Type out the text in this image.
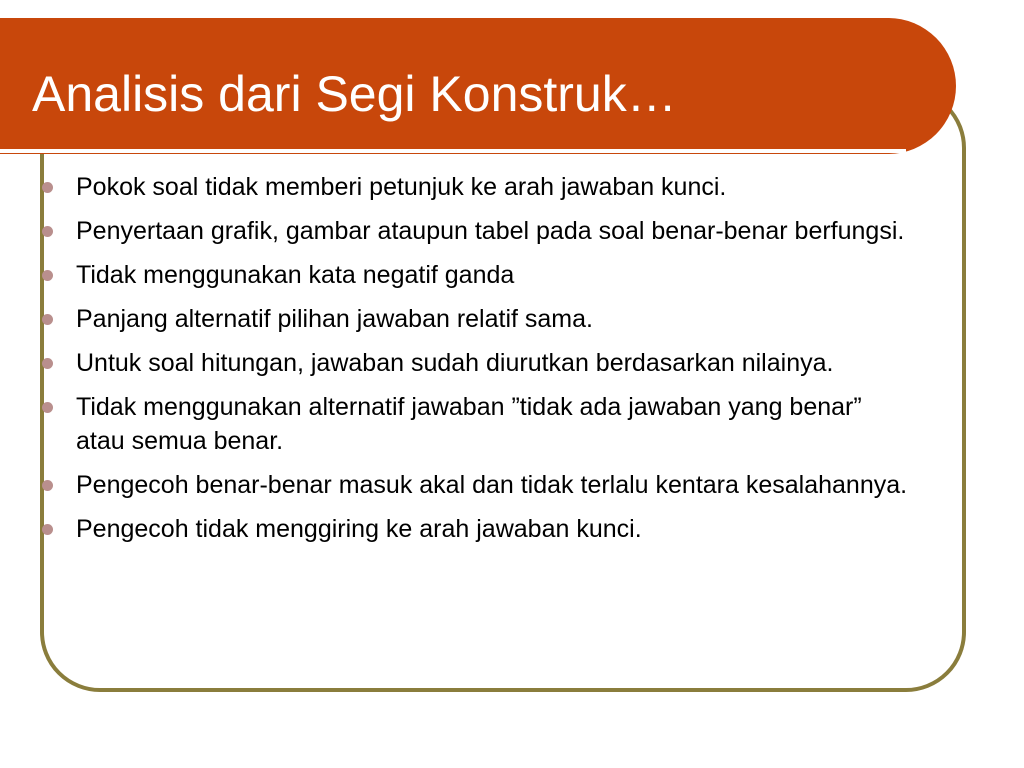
Analisis dari Segi Konstruk…
Pokok soal tidak memberi petunjuk ke arah jawaban kunci.
Penyertaan grafik, gambar ataupun tabel pada soal benar-benar berfungsi.
Tidak menggunakan kata negatif ganda
Panjang alternatif pilihan jawaban relatif sama.
Untuk soal hitungan, jawaban sudah diurutkan berdasarkan nilainya.
Tidak menggunakan alternatif jawaban ”tidak ada jawaban yang benar” atau semua benar.
Pengecoh benar-benar masuk akal dan tidak terlalu kentara kesalahannya.
Pengecoh tidak menggiring ke arah jawaban kunci.
